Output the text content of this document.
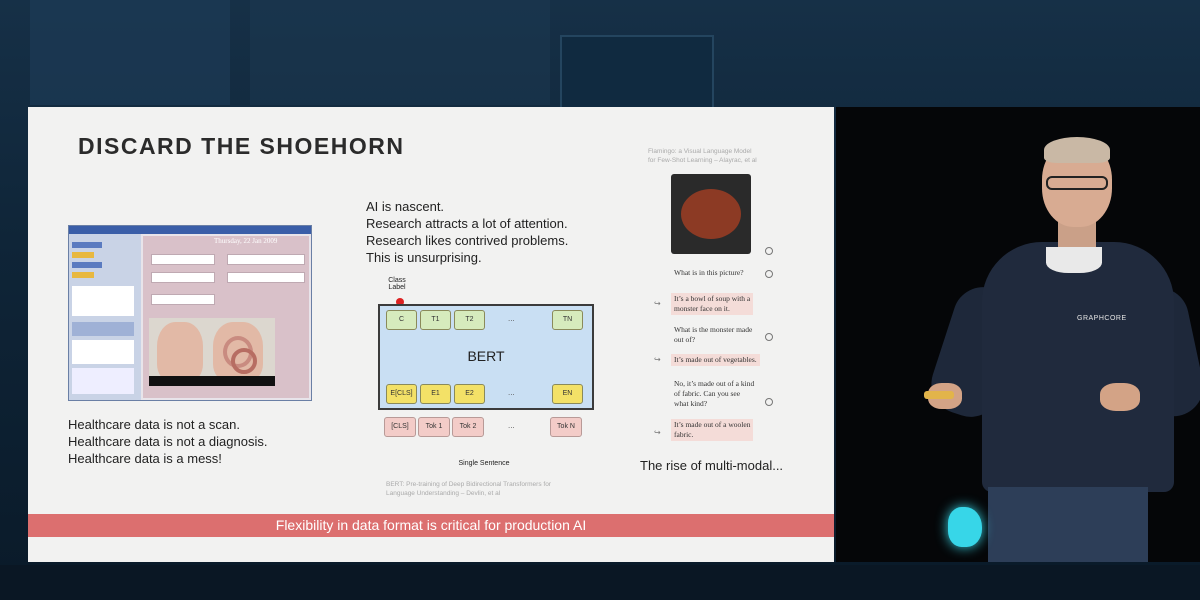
DISCARD THE SHOEHORN
Thursday, 22 Jan 2009
Healthcare data is not a scan.
Healthcare data is not a diagnosis.
Healthcare data is a mess!
AI is nascent.
Research attracts a lot of attention.
Research likes contrived problems.
This is unsurprising.
Class Label
BERT
C	T1	T2	...	TN
E[CLS]	E1	E2	...	EN
[CLS]	Tok 1	Tok 2	...	Tok N
Single Sentence
BERT: Pre-training of Deep Bidirectional Transformers for
Language Understanding – Devlin, et al
Flamingo: a Visual Language Model
for Few-Shot Learning – Alayrac, et al
What is in this picture?
↪
It’s a bowl of soup with a
monster face on it.
What is the monster made
out of?
↪	It’s made out of vegetables.
No, it’s made out of a kind
of fabric. Can you see
what kind?
↪
It’s made out of a woolen
fabric.
The rise of multi-modal...
Flexibility in data format is critical for production AI
GRAPHCORE
